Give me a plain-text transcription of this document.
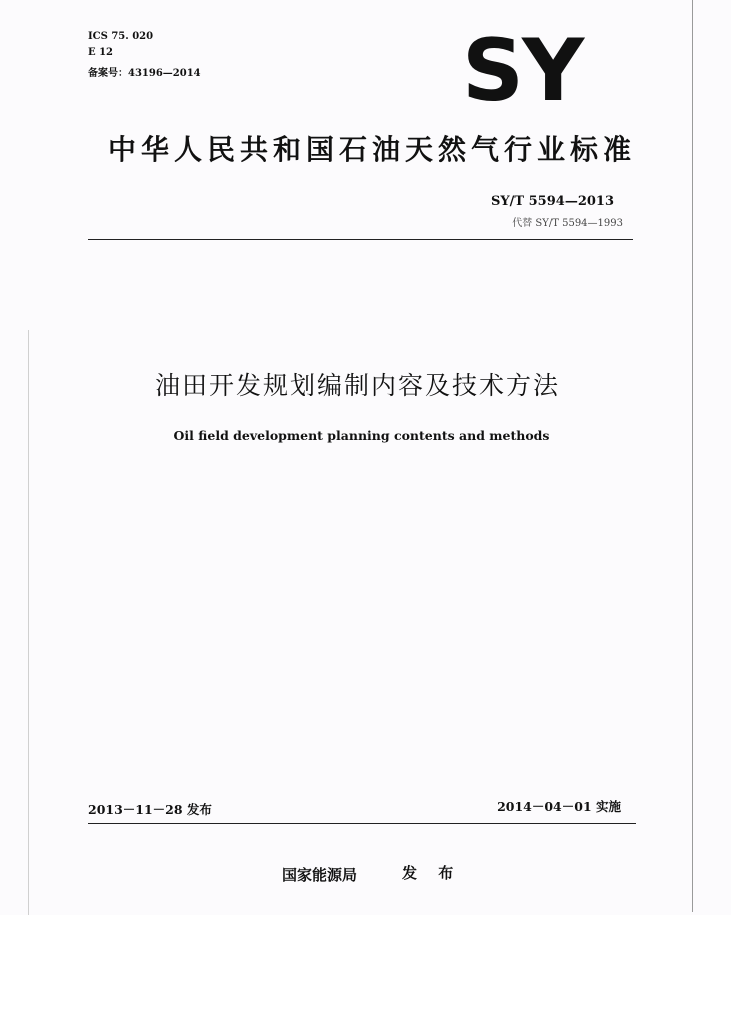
ICS 75. 020
E 12
备案号：43196—2014	SY
中华人民共和国石油天然气行业标准
SY/T 5594—2013
代替 SY/T 5594—1993
油田开发规划编制内容及技术方法
Oil field development planning contents and methods
2013－11－28 发布	2014－04－01 实施
国家能源局	发 布
